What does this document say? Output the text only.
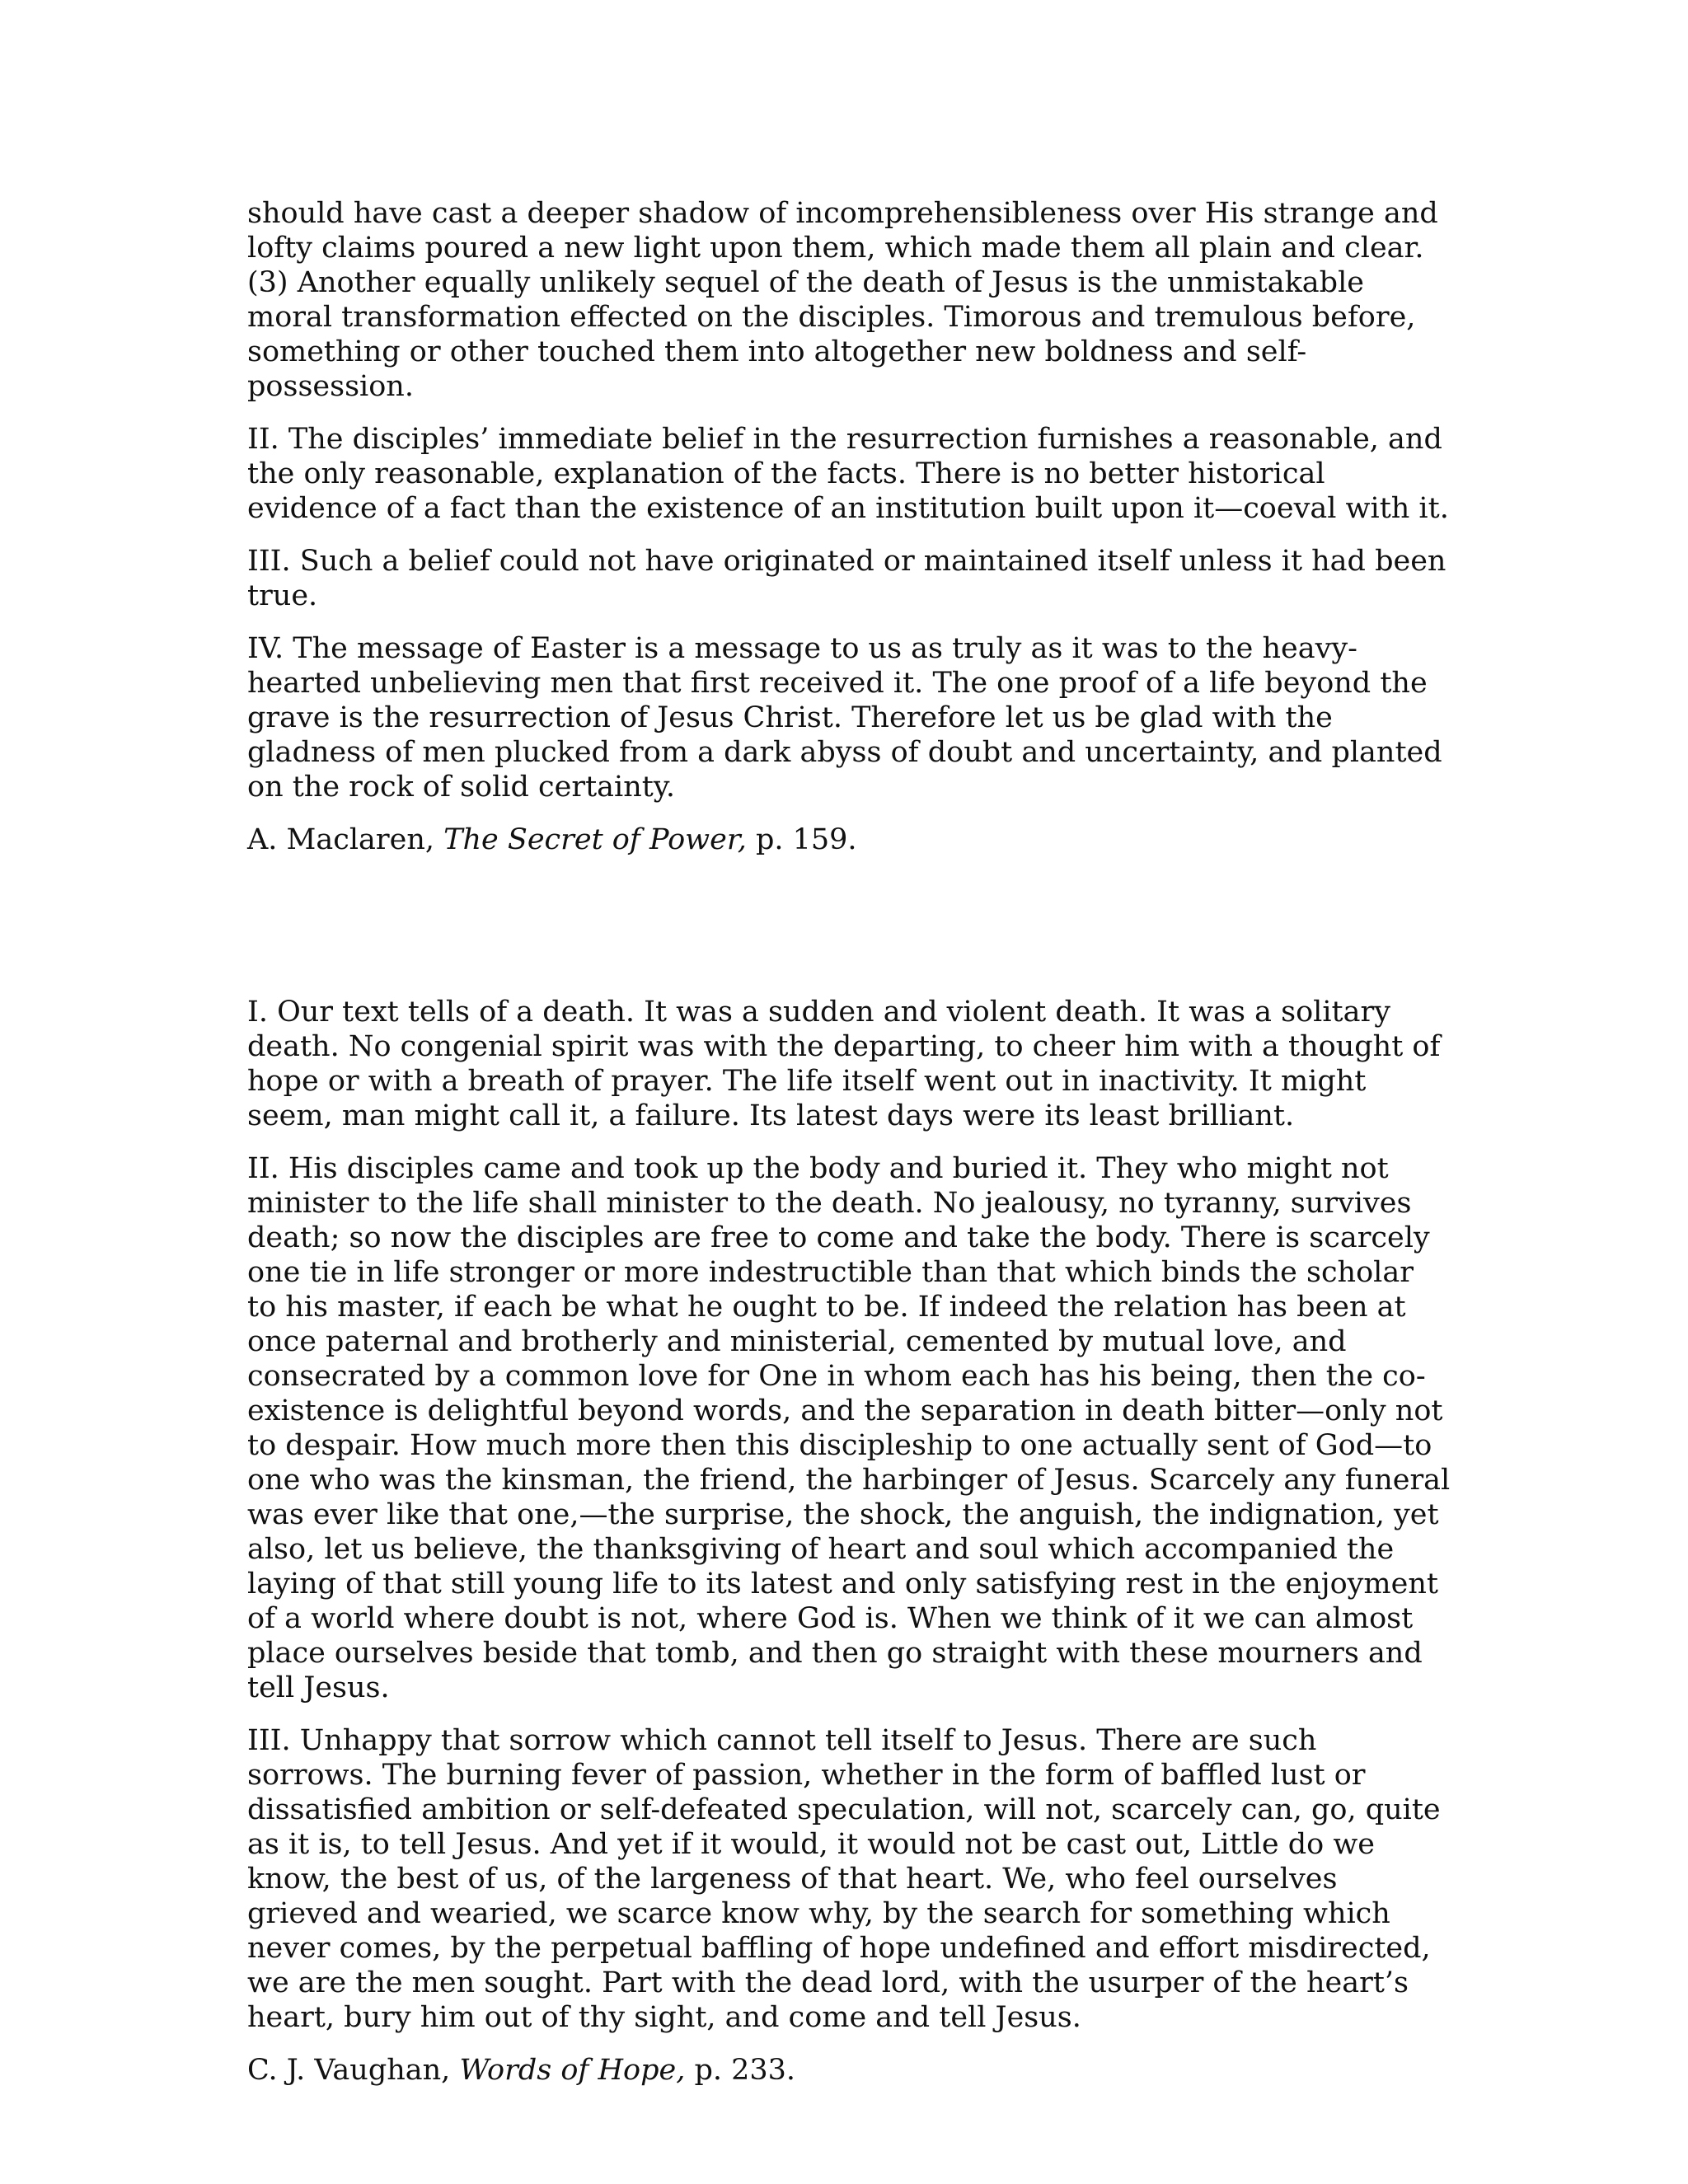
should have cast a deeper shadow of incomprehensibleness over His strange and lofty claims poured a new light upon them, which made them all plain and clear. (3) Another equally unlikely sequel of the death of Jesus is the unmistakable moral transformation effected on the disciples. Timorous and tremulous before, something or other touched them into altogether new boldness and self-possession.

II. The disciples’ immediate belief in the resurrection furnishes a reasonable, and the only reasonable, explanation of the facts. There is no better historical evidence of a fact than the existence of an institution built upon it—coeval with it.

III. Such a belief could not have originated or maintained itself unless it had been true.

IV. The message of Easter is a message to us as truly as it was to the heavy-hearted unbelieving men that first received it. The one proof of a life beyond the grave is the resurrection of Jesus Christ. Therefore let us be glad with the gladness of men plucked from a dark abyss of doubt and uncertainty, and planted on the rock of solid certainty.

A. Maclaren, The Secret of Power, p. 159.

I. Our text tells of a death. It was a sudden and violent death. It was a solitary death. No congenial spirit was with the departing, to cheer him with a thought of hope or with a breath of prayer. The life itself went out in inactivity. It might seem, man might call it, a failure. Its latest days were its least brilliant.

II. His disciples came and took up the body and buried it. They who might not minister to the life shall minister to the death. No jealousy, no tyranny, survives death; so now the disciples are free to come and take the body. There is scarcely one tie in life stronger or more indestructible than that which binds the scholar to his master, if each be what he ought to be. If indeed the relation has been at once paternal and brotherly and ministerial, cemented by mutual love, and consecrated by a common love for One in whom each has his being, then the co-existence is delightful beyond words, and the separation in death bitter—only not to despair. How much more then this discipleship to one actually sent of God—to one who was the kinsman, the friend, the harbinger of Jesus. Scarcely any funeral was ever like that one,—the surprise, the shock, the anguish, the indignation, yet also, let us believe, the thanksgiving of heart and soul which accompanied the laying of that still young life to its latest and only satisfying rest in the enjoyment of a world where doubt is not, where God is. When we think of it we can almost place ourselves beside that tomb, and then go straight with these mourners and tell Jesus.

III. Unhappy that sorrow which cannot tell itself to Jesus. There are such sorrows. The burning fever of passion, whether in the form of baffled lust or dissatisfied ambition or self-defeated speculation, will not, scarcely can, go, quite as it is, to tell Jesus. And yet if it would, it would not be cast out, Little do we know, the best of us, of the largeness of that heart. We, who feel ourselves grieved and wearied, we scarce know why, by the search for something which never comes, by the perpetual baffling of hope undefined and effort misdirected, we are the men sought. Part with the dead lord, with the usurper of the heart’s heart, bury him out of thy sight, and come and tell Jesus.

C. J. Vaughan, Words of Hope, p. 233.
